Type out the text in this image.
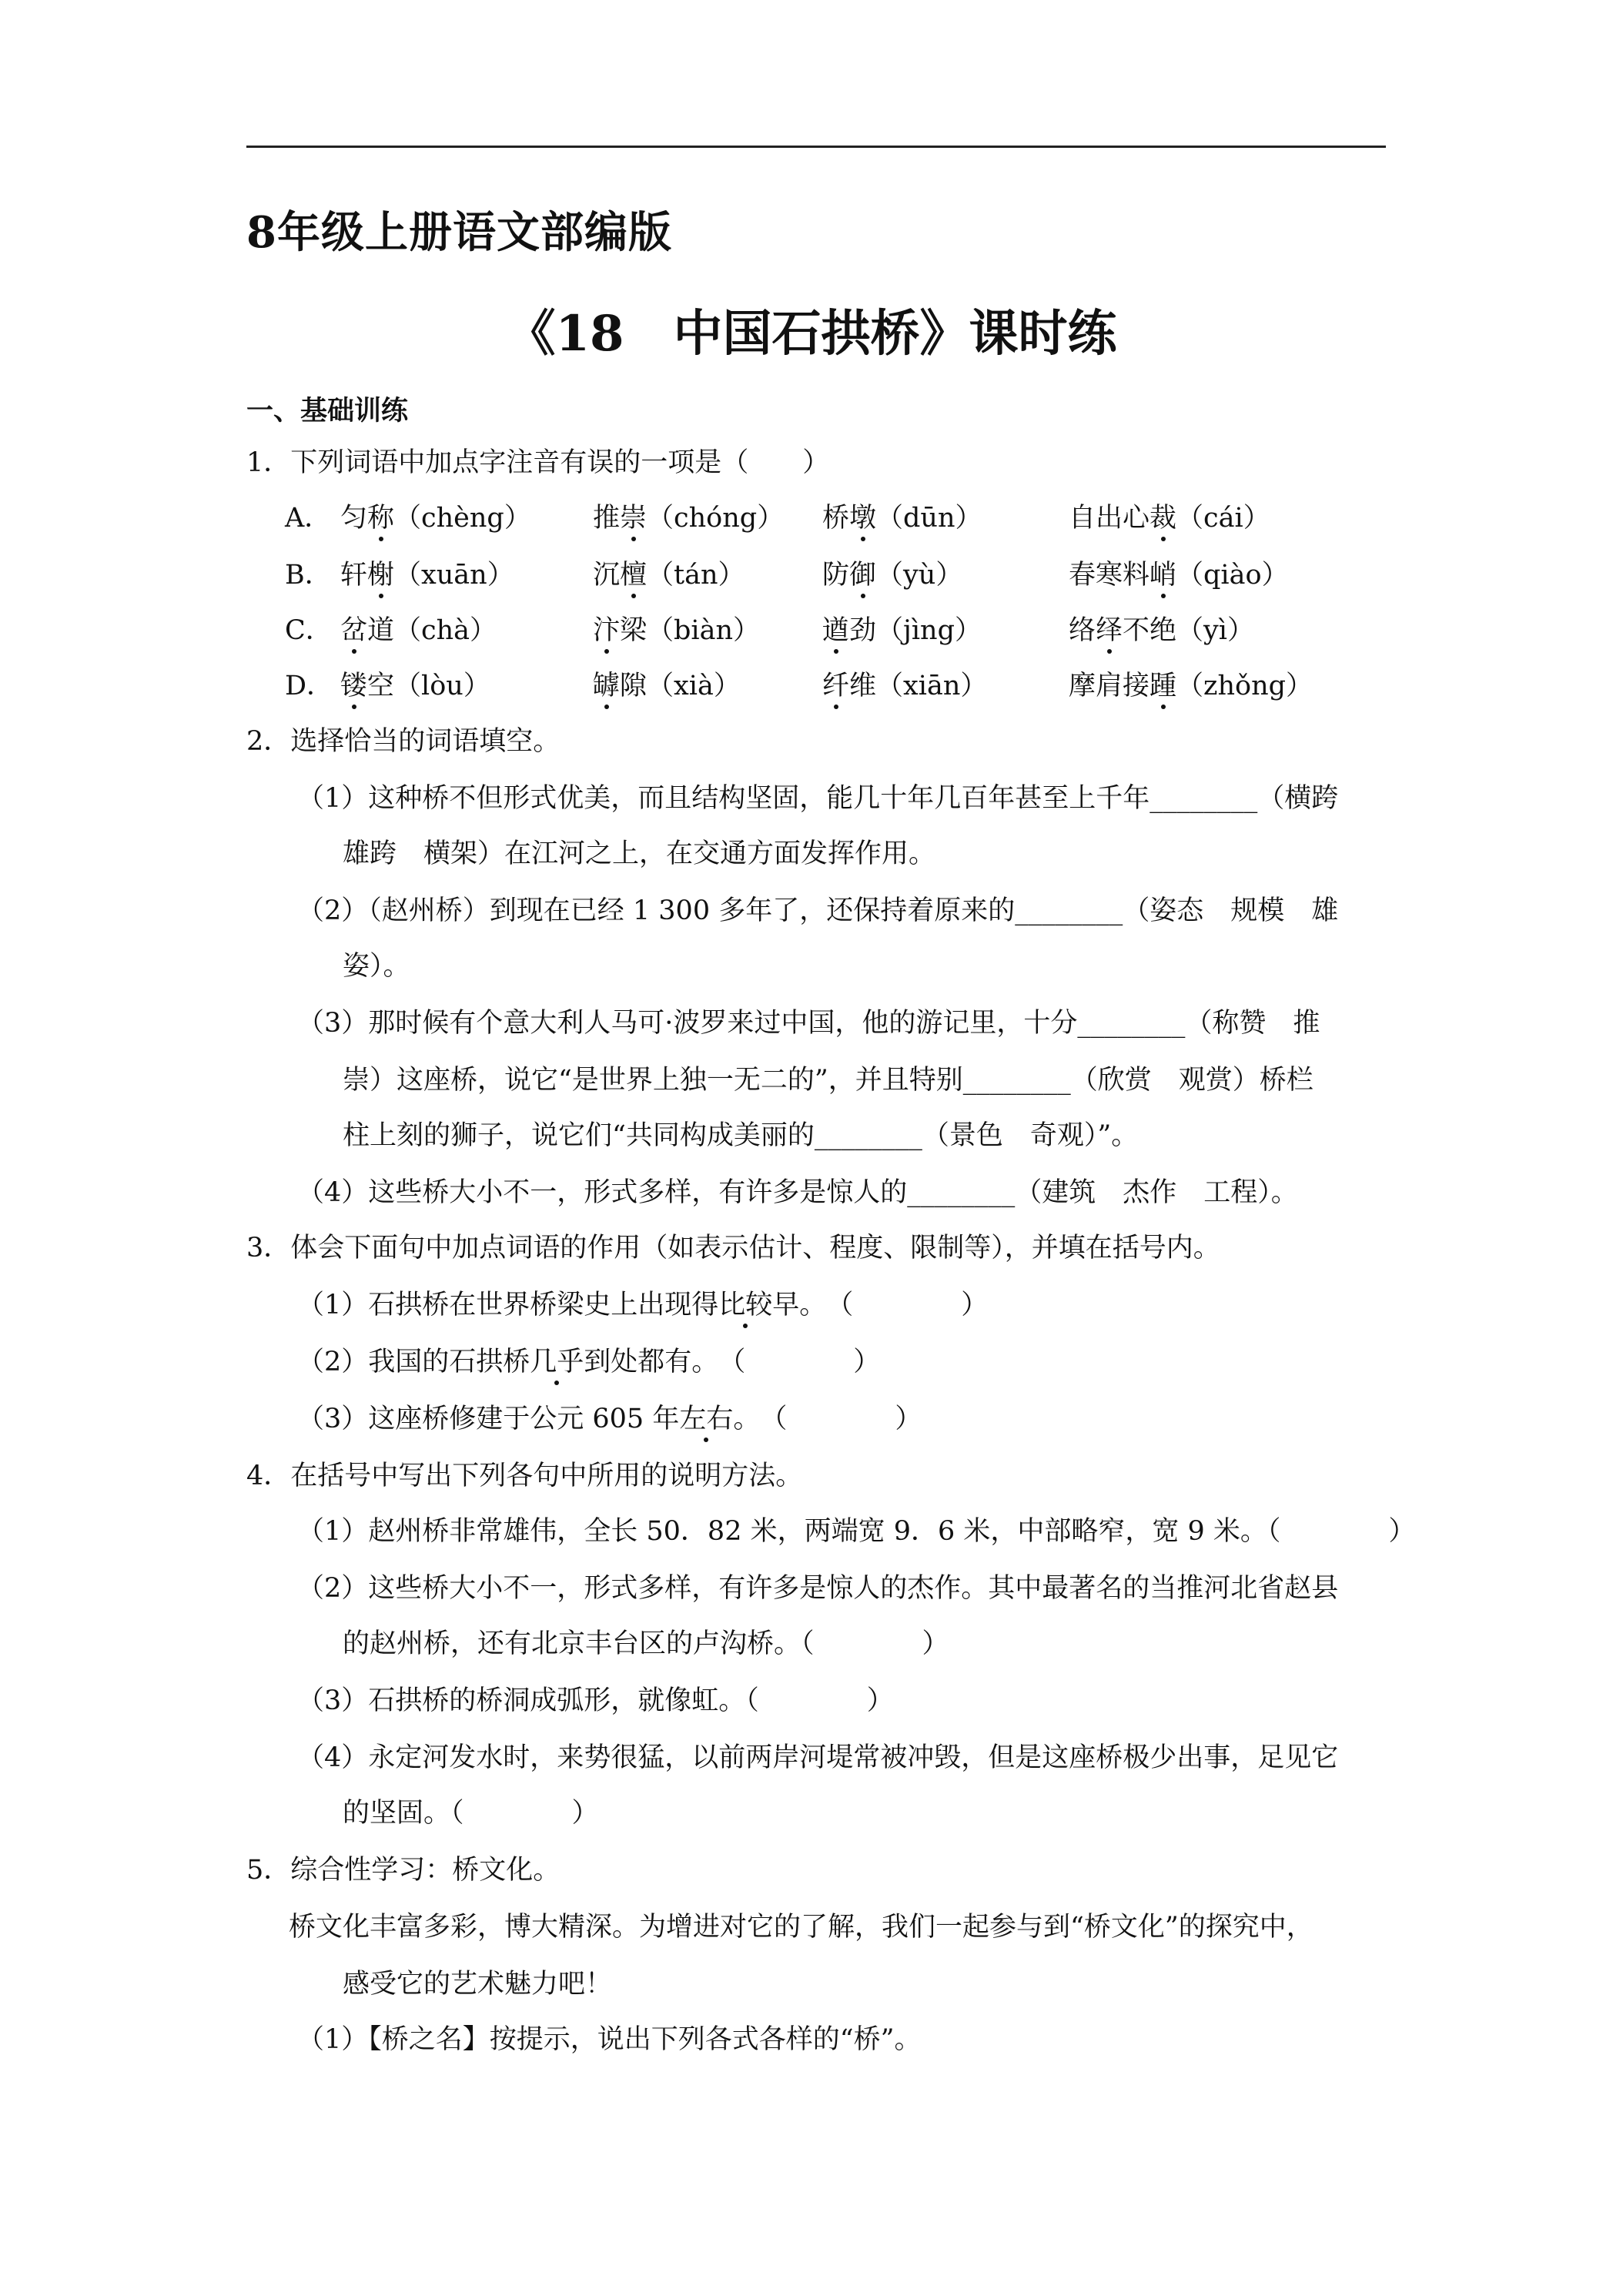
8年级上册语文部编版
《18　中国石拱桥》课时练
一、基础训练
1．下列词语中加点字注音有误的一项是（　　）
A． 匀称（chèng） 推崇（chóng） 桥墩（dūn）	自出心裁（cái）
B． 轩榭（xuān）	沉檀（tán）	防御（yù）	春寒料峭（qiào）
C． 岔道（chà）	汴梁（biàn） 遒劲（jìng）	络绎不绝（yì）
D． 镂空（lòu）	罅隙（xià）	纤维（xiān）	摩肩接踵（zhǒng）
2．选择恰当的词语填空。
（1）这种桥不但形式优美，而且结构坚固，能几十年几百年甚至上千年________（横跨
雄跨　横架）在江河之上，在交通方面发挥作用。
（2）（赵州桥）到现在已经 1 300 多年了，还保持着原来的________（姿态　规模　雄
姿）。
（3）那时候有个意大利人马可·波罗来过中国，他的游记里，十分________（称赞　推
崇）这座桥，说它“是世界上独一无二的”，并且特别________（欣赏　观赏）桥栏
柱上刻的狮子，说它们“共同构成美丽的________（景色　奇观）”。
（4）这些桥大小不一，形式多样，有许多是惊人的________（建筑　杰作　工程）。
3．体会下面句中加点词语的作用（如表示估计、程度、限制等），并填在括号内。
（1）石拱桥在世界桥梁史上出现得比较早。　（　　　　）
（2）我国的石拱桥几乎到处都有。　（　　　　）
（3）这座桥修建于公元 605 年左右。　（　　　　）
4．在括号中写出下列各句中所用的说明方法。
（1）赵州桥非常雄伟，全长 50．82 米，两端宽 9．6 米，中部略窄，宽 9 米。（　　　　）
（2）这些桥大小不一，形式多样，有许多是惊人的杰作。其中最著名的当推河北省赵县
的赵州桥，还有北京丰台区的卢沟桥。（　　　　）
（3）石拱桥的桥洞成弧形，就像虹。（　　　　）
（4）永定河发水时，来势很猛，以前两岸河堤常被冲毁，但是这座桥极少出事，足见它
的坚固。（　　　　）
5．综合性学习：桥文化。
桥文化丰富多彩，博大精深。为增进对它的了解，我们一起参与到“桥文化”的探究中，
感受它的艺术魅力吧！
（1）【桥之名】按提示，说出下列各式各样的“桥”。
